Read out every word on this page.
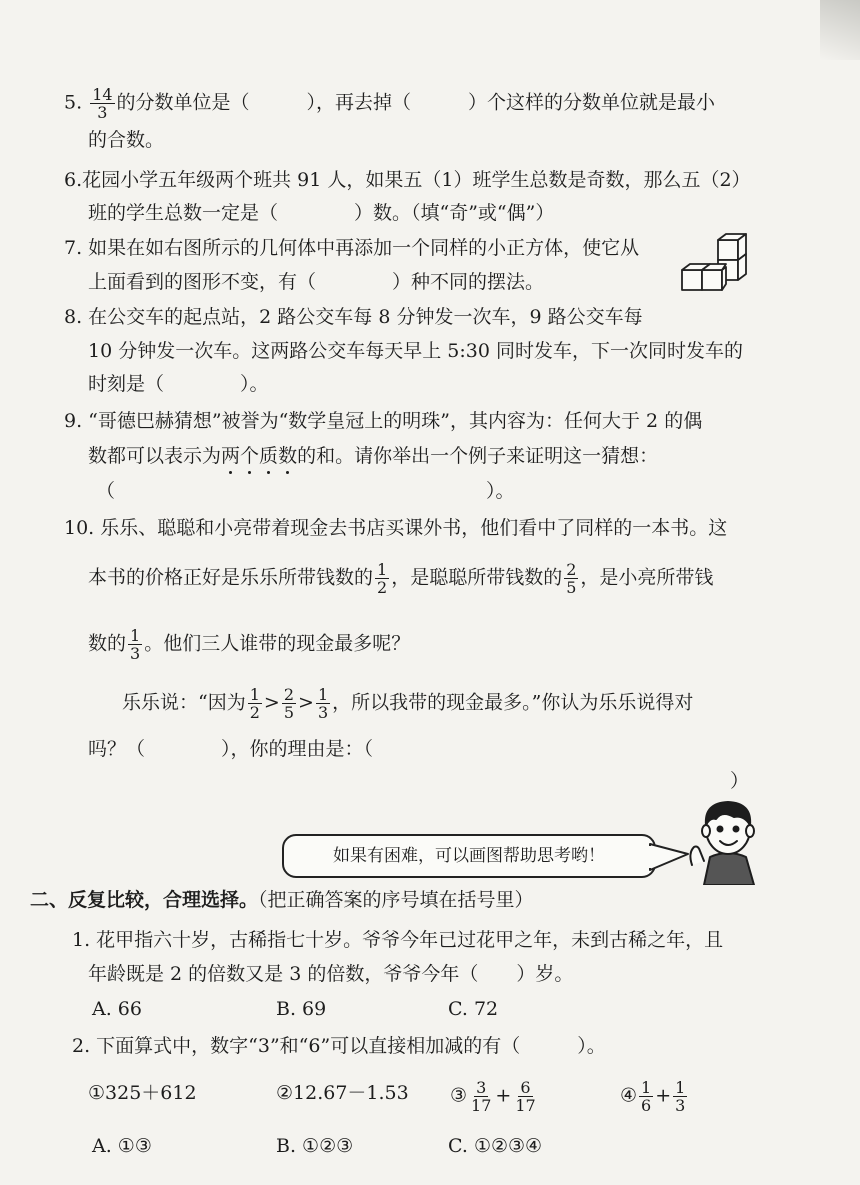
5. $\frac{14}{3}$ 的分数单位是（　　　），再去掉（　　　）个这样的分数单位就是最小
的合数。
6.花园小学五年级两个班共 91 人，如果五（1）班学生总数是奇数，那么五（2）
班的学生总数一定是（　　　　）数。（填“奇”或“偶”）
7. 如果在如右图所示的几何体中再添加一个同样的小正方体，使它从
上面看到的图形不变，有（　　　　）种不同的摆法。
8. 在公交车的起点站，2 路公交车每 8 分钟发一次车，9 路公交车每
10 分钟发一次车。这两路公交车每天早上 5:30 同时发车，下一次同时发车的
时刻是（　　　　）。
9. “哥德巴赫猜想”被誉为“数学皇冠上的明珠”，其内容为：任何大于 2 的偶
数都可以表示为两个质数的和。请你举出一个例子来证明这一猜想：
（	）。
10. 乐乐、聪聪和小亮带着现金去书店买课外书，他们看中了同样的一本书。这
本书的价格正好是乐乐所带钱数的 $\frac{1}{2}$ ，是聪聪所带钱数的 $\frac{2}{5}$ ，是小亮所带钱
数的 $\frac{1}{3}$ 。他们三人谁带的现金最多呢？
乐乐说：“因为 $\frac{1}{2} > \frac{2}{5} > \frac{1}{3}$ ，所以我带的现金最多。”你认为乐乐说得对
吗？（　　　　），你的理由是：（
）
如果有困难，可以画图帮助思考哟！
二、反复比较，合理选择。（把正确答案的序号填在括号里）
1. 花甲指六十岁，古稀指七十岁。爷爷今年已过花甲之年，未到古稀之年，且
年龄既是 2 的倍数又是 3 的倍数，爷爷今年（　　）岁。
A. 66	B. 69	C. 72
2. 下面算式中，数字“3”和“6”可以直接相加减的有（　　　）。
①325＋612	②12.67－1.53 ③ $\frac{3}{17} + \frac{6}{17}$	④ $\frac{1}{6} + \frac{1}{3}$
A. ①③	B. ①②③	C. ①②③④
